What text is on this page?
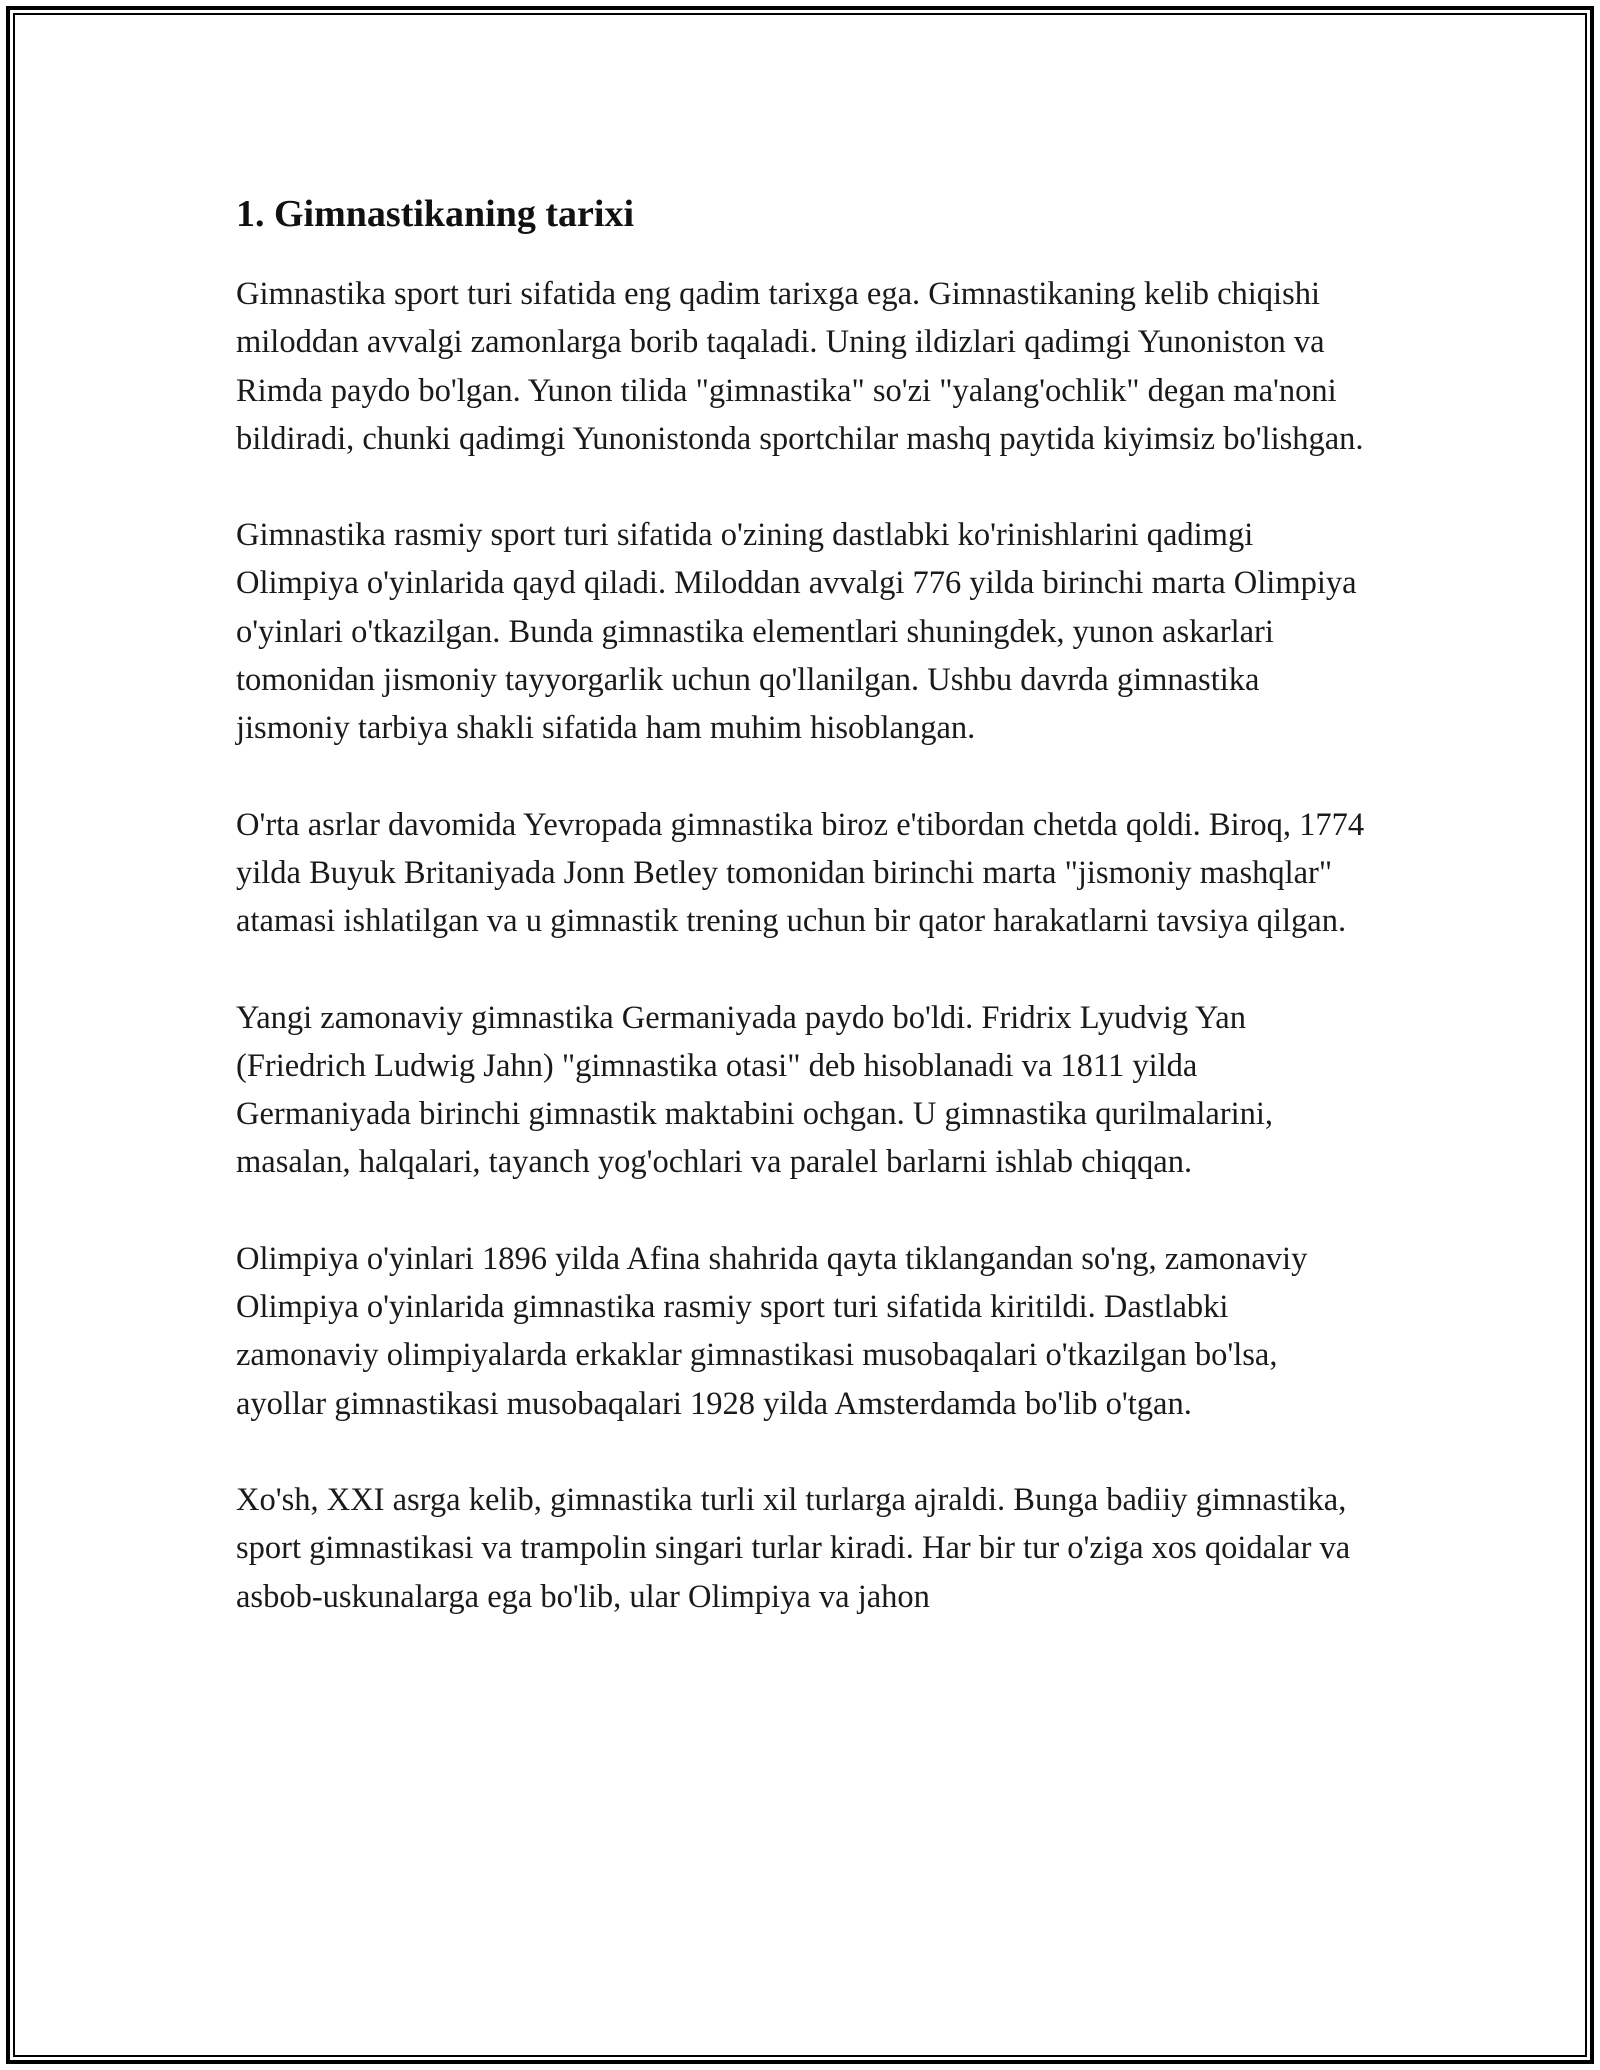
1. Gimnastikaning tarixi

Gimnastika sport turi sifatida eng qadim tarixga ega. Gimnastikaning kelib chiqishi miloddan avvalgi zamonlarga borib taqaladi. Uning ildizlari qadimgi Yunoniston va Rimda paydo bo'lgan. Yunon tilida "gimnastika" so'zi "yalang'ochlik" degan ma'noni bildiradi, chunki qadimgi Yunonistonda sportchilar mashq paytida kiyimsiz bo'lishgan.

Gimnastika rasmiy sport turi sifatida o'zining dastlabki ko'rinishlarini qadimgi Olimpiya o'yinlarida qayd qiladi. Miloddan avvalgi 776 yilda birinchi marta Olimpiya o'yinlari o'tkazilgan. Bunda gimnastika elementlari shuningdek, yunon askarlari tomonidan jismoniy tayyorgarlik uchun qo'llanilgan. Ushbu davrda gimnastika jismoniy tarbiya shakli sifatida ham muhim hisoblangan.

O'rta asrlar davomida Yevropada gimnastika biroz e'tibordan chetda qoldi. Biroq, 1774 yilda Buyuk Britaniyada Jonn Betley tomonidan birinchi marta "jismoniy mashqlar" atamasi ishlatilgan va u gimnastik trening uchun bir qator harakatlarni tavsiya qilgan.

Yangi zamonaviy gimnastika Germaniyada paydo bo'ldi. Fridrix Lyudvig Yan (Friedrich Ludwig Jahn) "gimnastika otasi" deb hisoblanadi va 1811 yilda Germaniyada birinchi gimnastik maktabini ochgan. U gimnastika qurilmalarini, masalan, halqalari, tayanch yog'ochlari va paralel barlarni ishlab chiqqan.

Olimpiya o'yinlari 1896 yilda Afina shahrida qayta tiklangandan so'ng, zamonaviy Olimpiya o'yinlarida gimnastika rasmiy sport turi sifatida kiritildi. Dastlabki zamonaviy olimpiyalarda erkaklar gimnastikasi musobaqalari o'tkazilgan bo'lsa, ayollar gimnastikasi musobaqalari 1928 yilda Amsterdamda bo'lib o'tgan.

Xo'sh, XXI asrga kelib, gimnastika turli xil turlarga ajraldi. Bunga badiiy gimnastika, sport gimnastikasi va trampolin singari turlar kiradi. Har bir tur o'ziga xos qoidalar va asbob-uskunalarga ega bo'lib, ular Olimpiya va jahon
